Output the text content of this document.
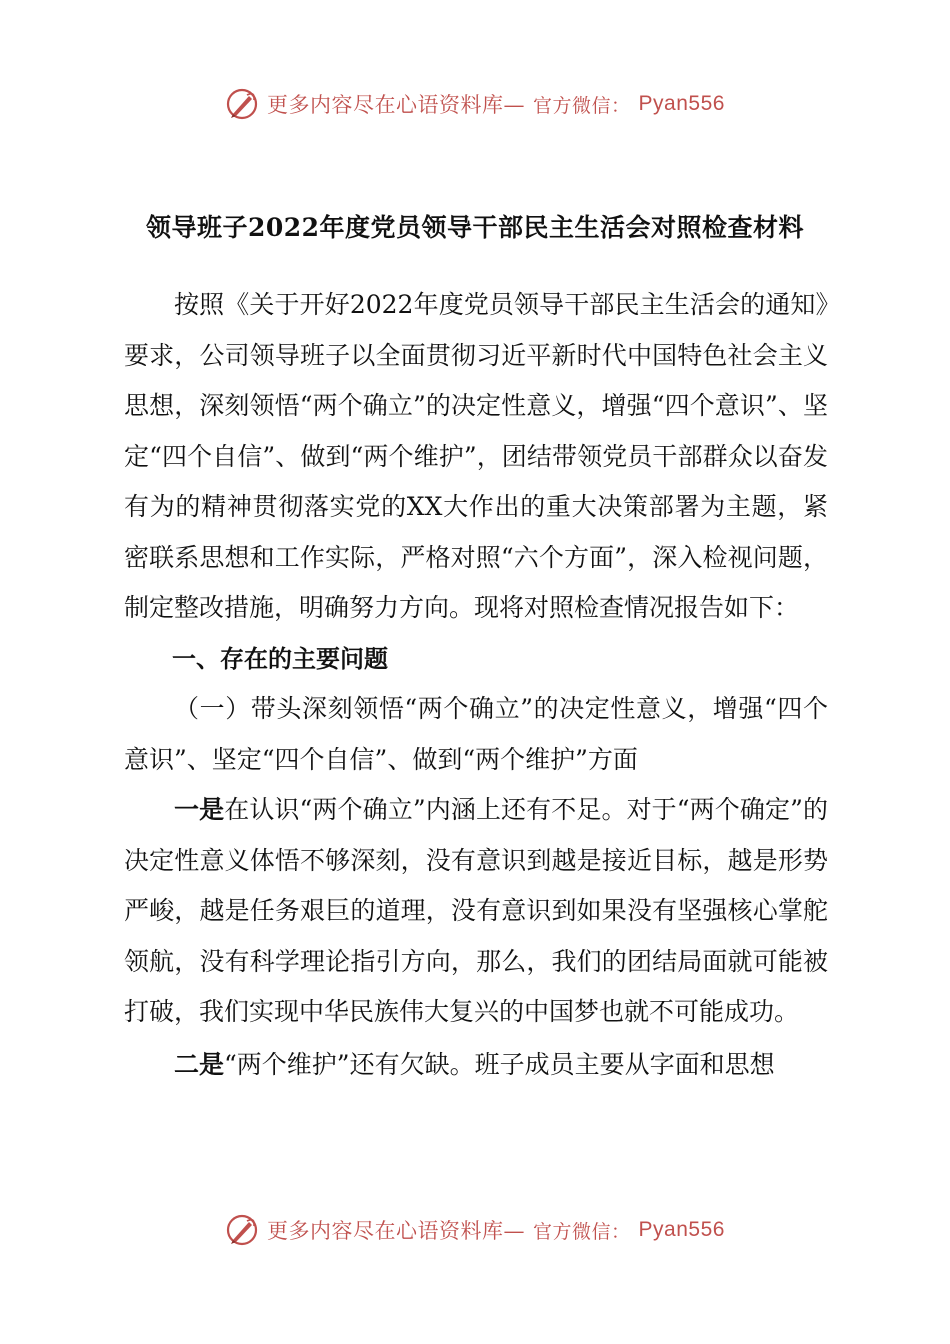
更多内容尽在心语资料库— 官方微信： Pyan556
领导班子2022年度党员领导干部民主生活会对照检查材料

按照《关于开好2022年度党员领导干部民主生活会的通知》要求，公司领导班子以全面贯彻习近平新时代中国特色社会主义思想，深刻领悟“两个确立”的决定性意义，增强“四个意识”、坚定“四个自信”、做到“两个维护”，团结带领党员干部群众以奋发有为的精神贯彻落实党的XX大作出的重大决策部署为主题，紧密联系思想和工作实际，严格对照“六个方面”，深入检视问题，制定整改措施，明确努力方向。现将对照检查情况报告如下：

一、存在的主要问题

（一）带头深刻领悟“两个确立”的决定性意义，增强“四个意识”、坚定“四个自信”、做到“两个维护”方面

一是在认识“两个确立”内涵上还有不足。对于“两个确定”的决定性意义体悟不够深刻，没有意识到越是接近目标，越是形势严峻，越是任务艰巨的道理，没有意识到如果没有坚强核心掌舵领航，没有科学理论指引方向，那么，我们的团结局面就可能被打破，我们实现中华民族伟大复兴的中国梦也就不可能成功。

二是“两个维护”还有欠缺。班子成员主要从字面和思想

更多内容尽在心语资料库— 官方微信： Pyan556
